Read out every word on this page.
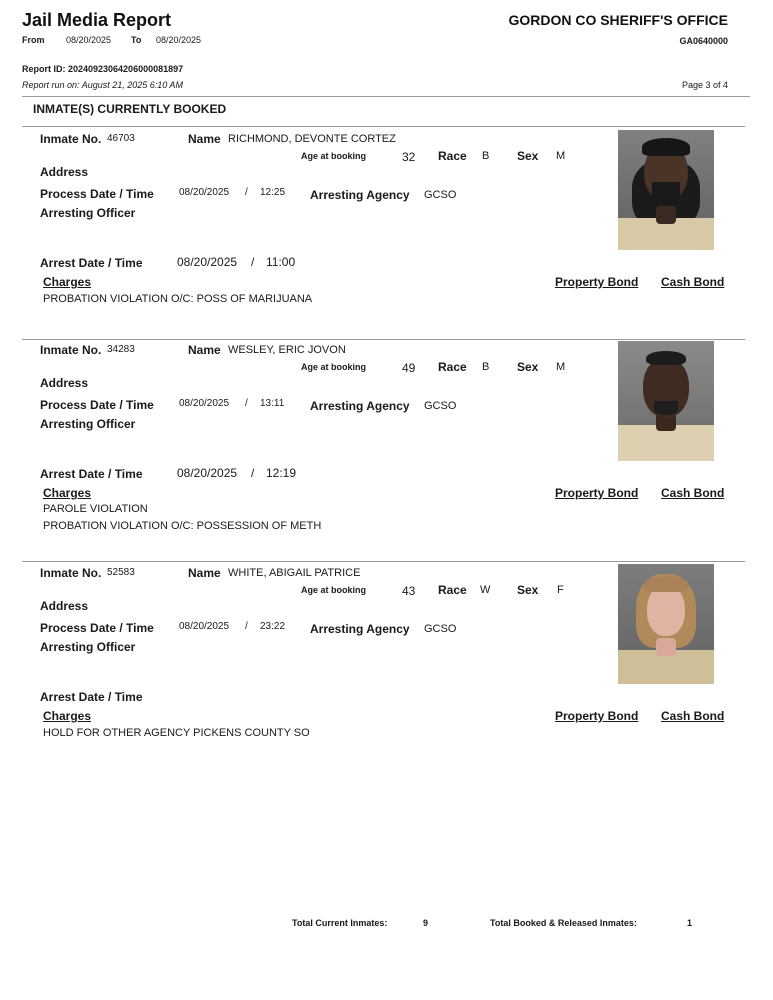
Jail Media Report
From 08/20/2025 To 08/20/2025
GORDON CO SHERIFF'S OFFICE
GA0640000
Report ID: 20240923064206000081897
Report run on: August 21, 2025 6:10 AM	Page 3 of 4
INMATE(S) CURRENTLY BOOKED
Inmate No. 46703	Name RICHMOND, DEVONTE CORTEZ
Age at booking	32 Race B Sex M
Address
Process Date / Time	08/20/2025 / 12:25 Arresting Agency GCSO
Arresting Officer
Arrest Date / Time	08/20/2025 / 11:00
Charges	Property Bond Cash Bond
PROBATION VIOLATION O/C: POSS OF MARIJUANA
Inmate No. 34283	Name WESLEY, ERIC JOVON
Age at booking	49 Race B Sex M
Address
Process Date / Time	08/20/2025 / 13:11 Arresting Agency GCSO
Arresting Officer
Arrest Date / Time	08/20/2025 / 12:19
Charges	Property Bond Cash Bond
PAROLE VIOLATION
PROBATION VIOLATION O/C: POSSESSION OF METH
Inmate No. 52583	Name WHITE, ABIGAIL PATRICE
Age at booking	43 Race W Sex F
Address
Process Date / Time	08/20/2025 / 23:22 Arresting Agency GCSO
Arresting Officer
Arrest Date / Time
Charges	Property Bond Cash Bond
HOLD FOR OTHER AGENCY PICKENS COUNTY SO
Total Current Inmates:	9	Total Booked & Released Inmates:	1
